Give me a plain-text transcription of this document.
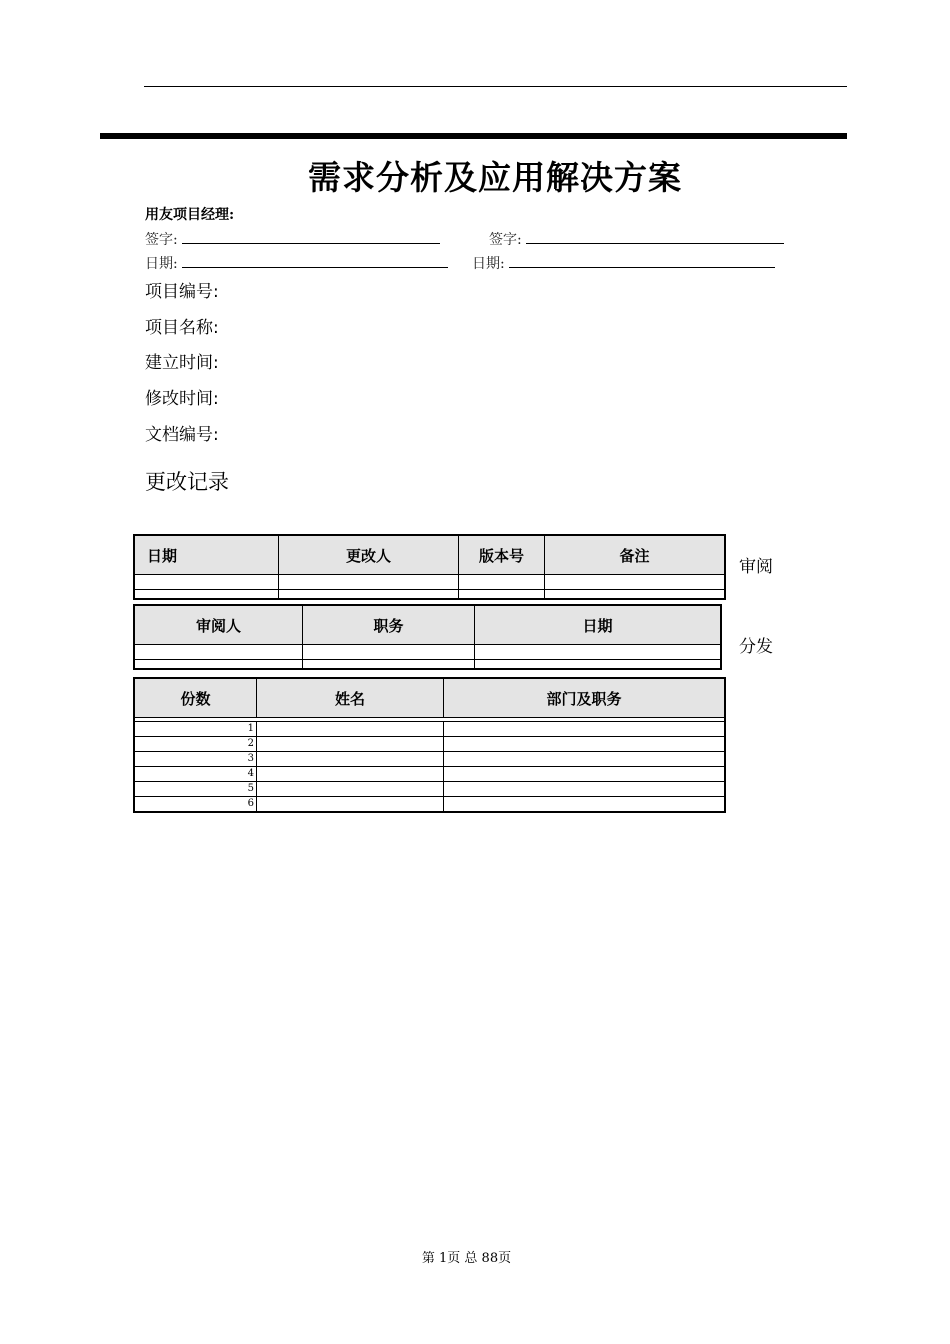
需求分析及应用解决方案
用友项目经理:
签字:	签字:
日期:	日期:
项目编号:
项目名称:
建立时间:
修改时间:
文档编号:
更改记录
日期	更改人	版本号	备注

审阅
审阅人	职务	日期

分发
份数	姓名	部门及职务

1		
2		
3		
4		
5		
6		
第 1页 总 88页
